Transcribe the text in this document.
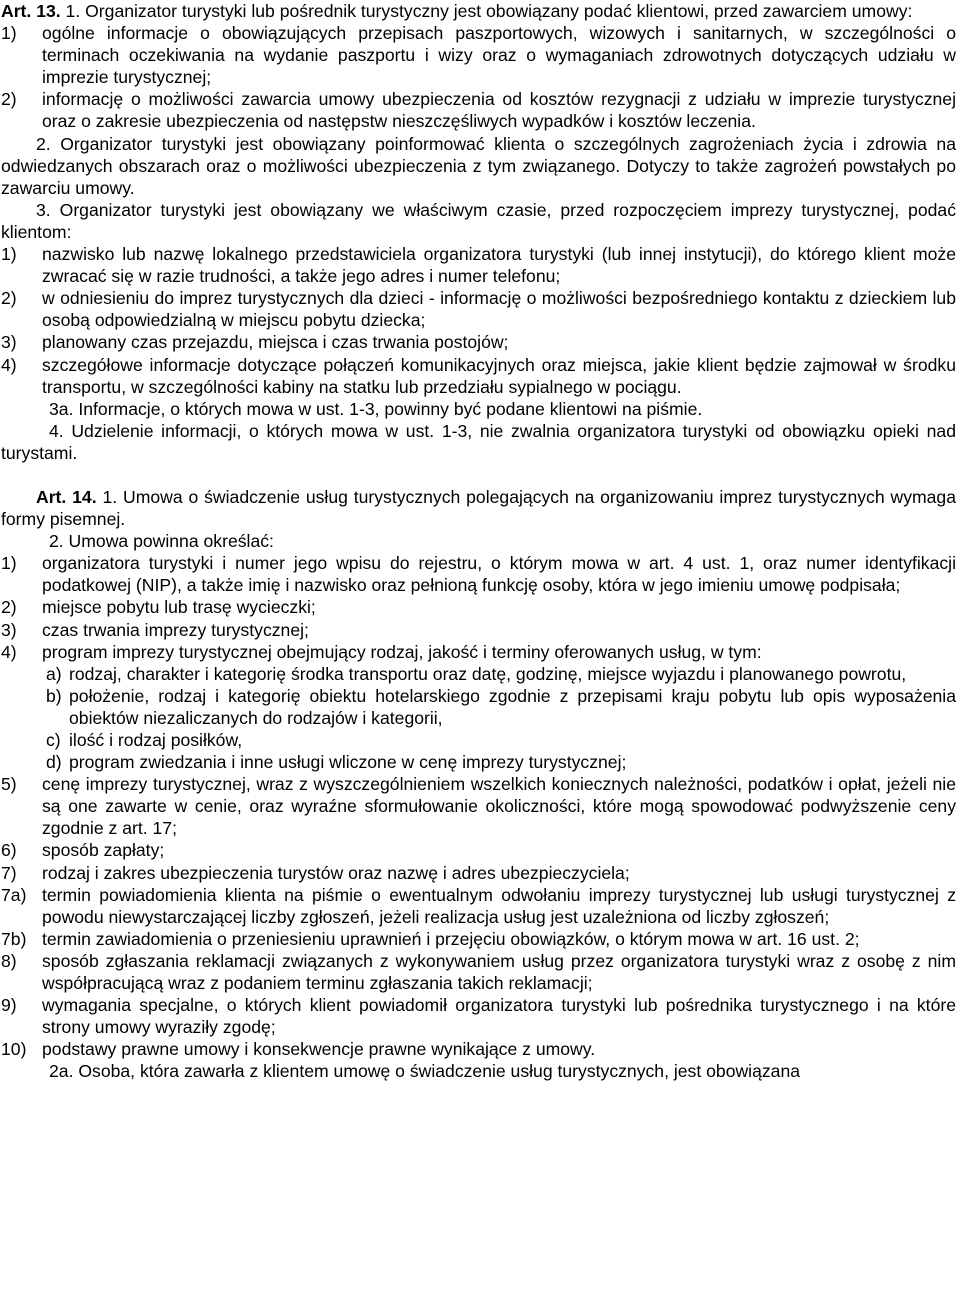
Art. 13. 1. Organizator turystyki lub pośrednik turystyczny jest obowiązany podać klientowi, przed zawarciem umowy:

1)	ogólne informacje o obowiązujących przepisach paszportowych, wizowych i sanitarnych, w szczególności o terminach oczekiwania na wydanie paszportu i wizy oraz o wymaganiach zdrowotnych dotyczących udziału w imprezie turystycznej;
2)	informację o możliwości zawarcia umowy ubezpieczenia od kosztów rezygnacji z udziału w imprezie turystycznej oraz o zakresie ubezpieczenia od następstw nieszczęśliwych wypadków i kosztów leczenia.

2. Organizator turystyki jest obowiązany poinformować klienta o szczególnych zagrożeniach życia i zdrowia na odwiedzanych obszarach oraz o możliwości ubezpieczenia z tym związanego. Dotyczy to także zagrożeń powstałych po zawarciu umowy.

3. Organizator turystyki jest obowiązany we właściwym czasie, przed rozpoczęciem imprezy turystycznej, podać klientom:

1)	nazwisko lub nazwę lokalnego przedstawiciela organizatora turystyki (lub innej instytucji), do którego klient może zwracać się w razie trudności, a także jego adres i numer telefonu;
2)	w odniesieniu do imprez turystycznych dla dzieci - informację o możliwości bezpośredniego kontaktu z dzieckiem lub osobą odpowiedzialną w miejscu pobytu dziecka;
3)	planowany czas przejazdu, miejsca i czas trwania postojów;
4)	szczegółowe informacje dotyczące połączeń komunikacyjnych oraz miejsca, jakie klient będzie zajmował w środku transportu, w szczególności kabiny na statku lub przedziału sypialnego w pociągu.

3a. Informacje, o których mowa w ust. 1-3, powinny być podane klientowi na piśmie.

4. Udzielenie informacji, o których mowa w ust. 1-3, nie zwalnia organizatora turystyki od obowiązku opieki nad turystami.

Art. 14. 1. Umowa o świadczenie usług turystycznych polegających na organizowaniu imprez turystycznych wymaga formy pisemnej.

2. Umowa powinna określać:

1)	organizatora turystyki i numer jego wpisu do rejestru, o którym mowa w art. 4 ust. 1, oraz numer identyfikacji podatkowej (NIP), a także imię i nazwisko oraz pełnioną funkcję osoby, która w jego imieniu umowę podpisała;
2)	miejsce pobytu lub trasę wycieczki;
3)	czas trwania imprezy turystycznej;
4)	program imprezy turystycznej obejmujący rodzaj, jakość i terminy oferowanych usług, w tym:
a) rodzaj, charakter i kategorię środka transportu oraz datę, godzinę, miejsce wyjazdu i planowanego powrotu,
b) położenie, rodzaj i kategorię obiektu hotelarskiego zgodnie z przepisami kraju pobytu lub opis wyposażenia obiektów niezaliczanych do rodzajów i kategorii,
c) ilość i rodzaj posiłków,
d) program zwiedzania i inne usługi wliczone w cenę imprezy turystycznej;
5)	cenę imprezy turystycznej, wraz z wyszczególnieniem wszelkich koniecznych należności, podatków i opłat, jeżeli nie są one zawarte w cenie, oraz wyraźne sformułowanie okoliczności, które mogą spowodować podwyższenie ceny zgodnie z art. 17;
6)	sposób zapłaty;
7)	rodzaj i zakres ubezpieczenia turystów oraz nazwę i adres ubezpieczyciela;
7a) termin powiadomienia klienta na piśmie o ewentualnym odwołaniu imprezy turystycznej lub usługi turystycznej z powodu niewystarczającej liczby zgłoszeń, jeżeli realizacja usług jest uzależniona od liczby zgłoszeń;
7b) termin zawiadomienia o przeniesieniu uprawnień i przejęciu obowiązków, o którym mowa w art. 16 ust. 2;
8)	sposób zgłaszania reklamacji związanych z wykonywaniem usług przez organizatora turystyki wraz z osobę z nim współpracującą wraz z podaniem terminu zgłaszania takich reklamacji;
9)	wymagania specjalne, o których klient powiadomił organizatora turystyki lub pośrednika turystycznego i na które strony umowy wyraziły zgodę;
10) podstawy prawne umowy i konsekwencje prawne wynikające z umowy.

2a. Osoba, która zawarła z klientem umowę o świadczenie usług turystycznych, jest obowiązana
